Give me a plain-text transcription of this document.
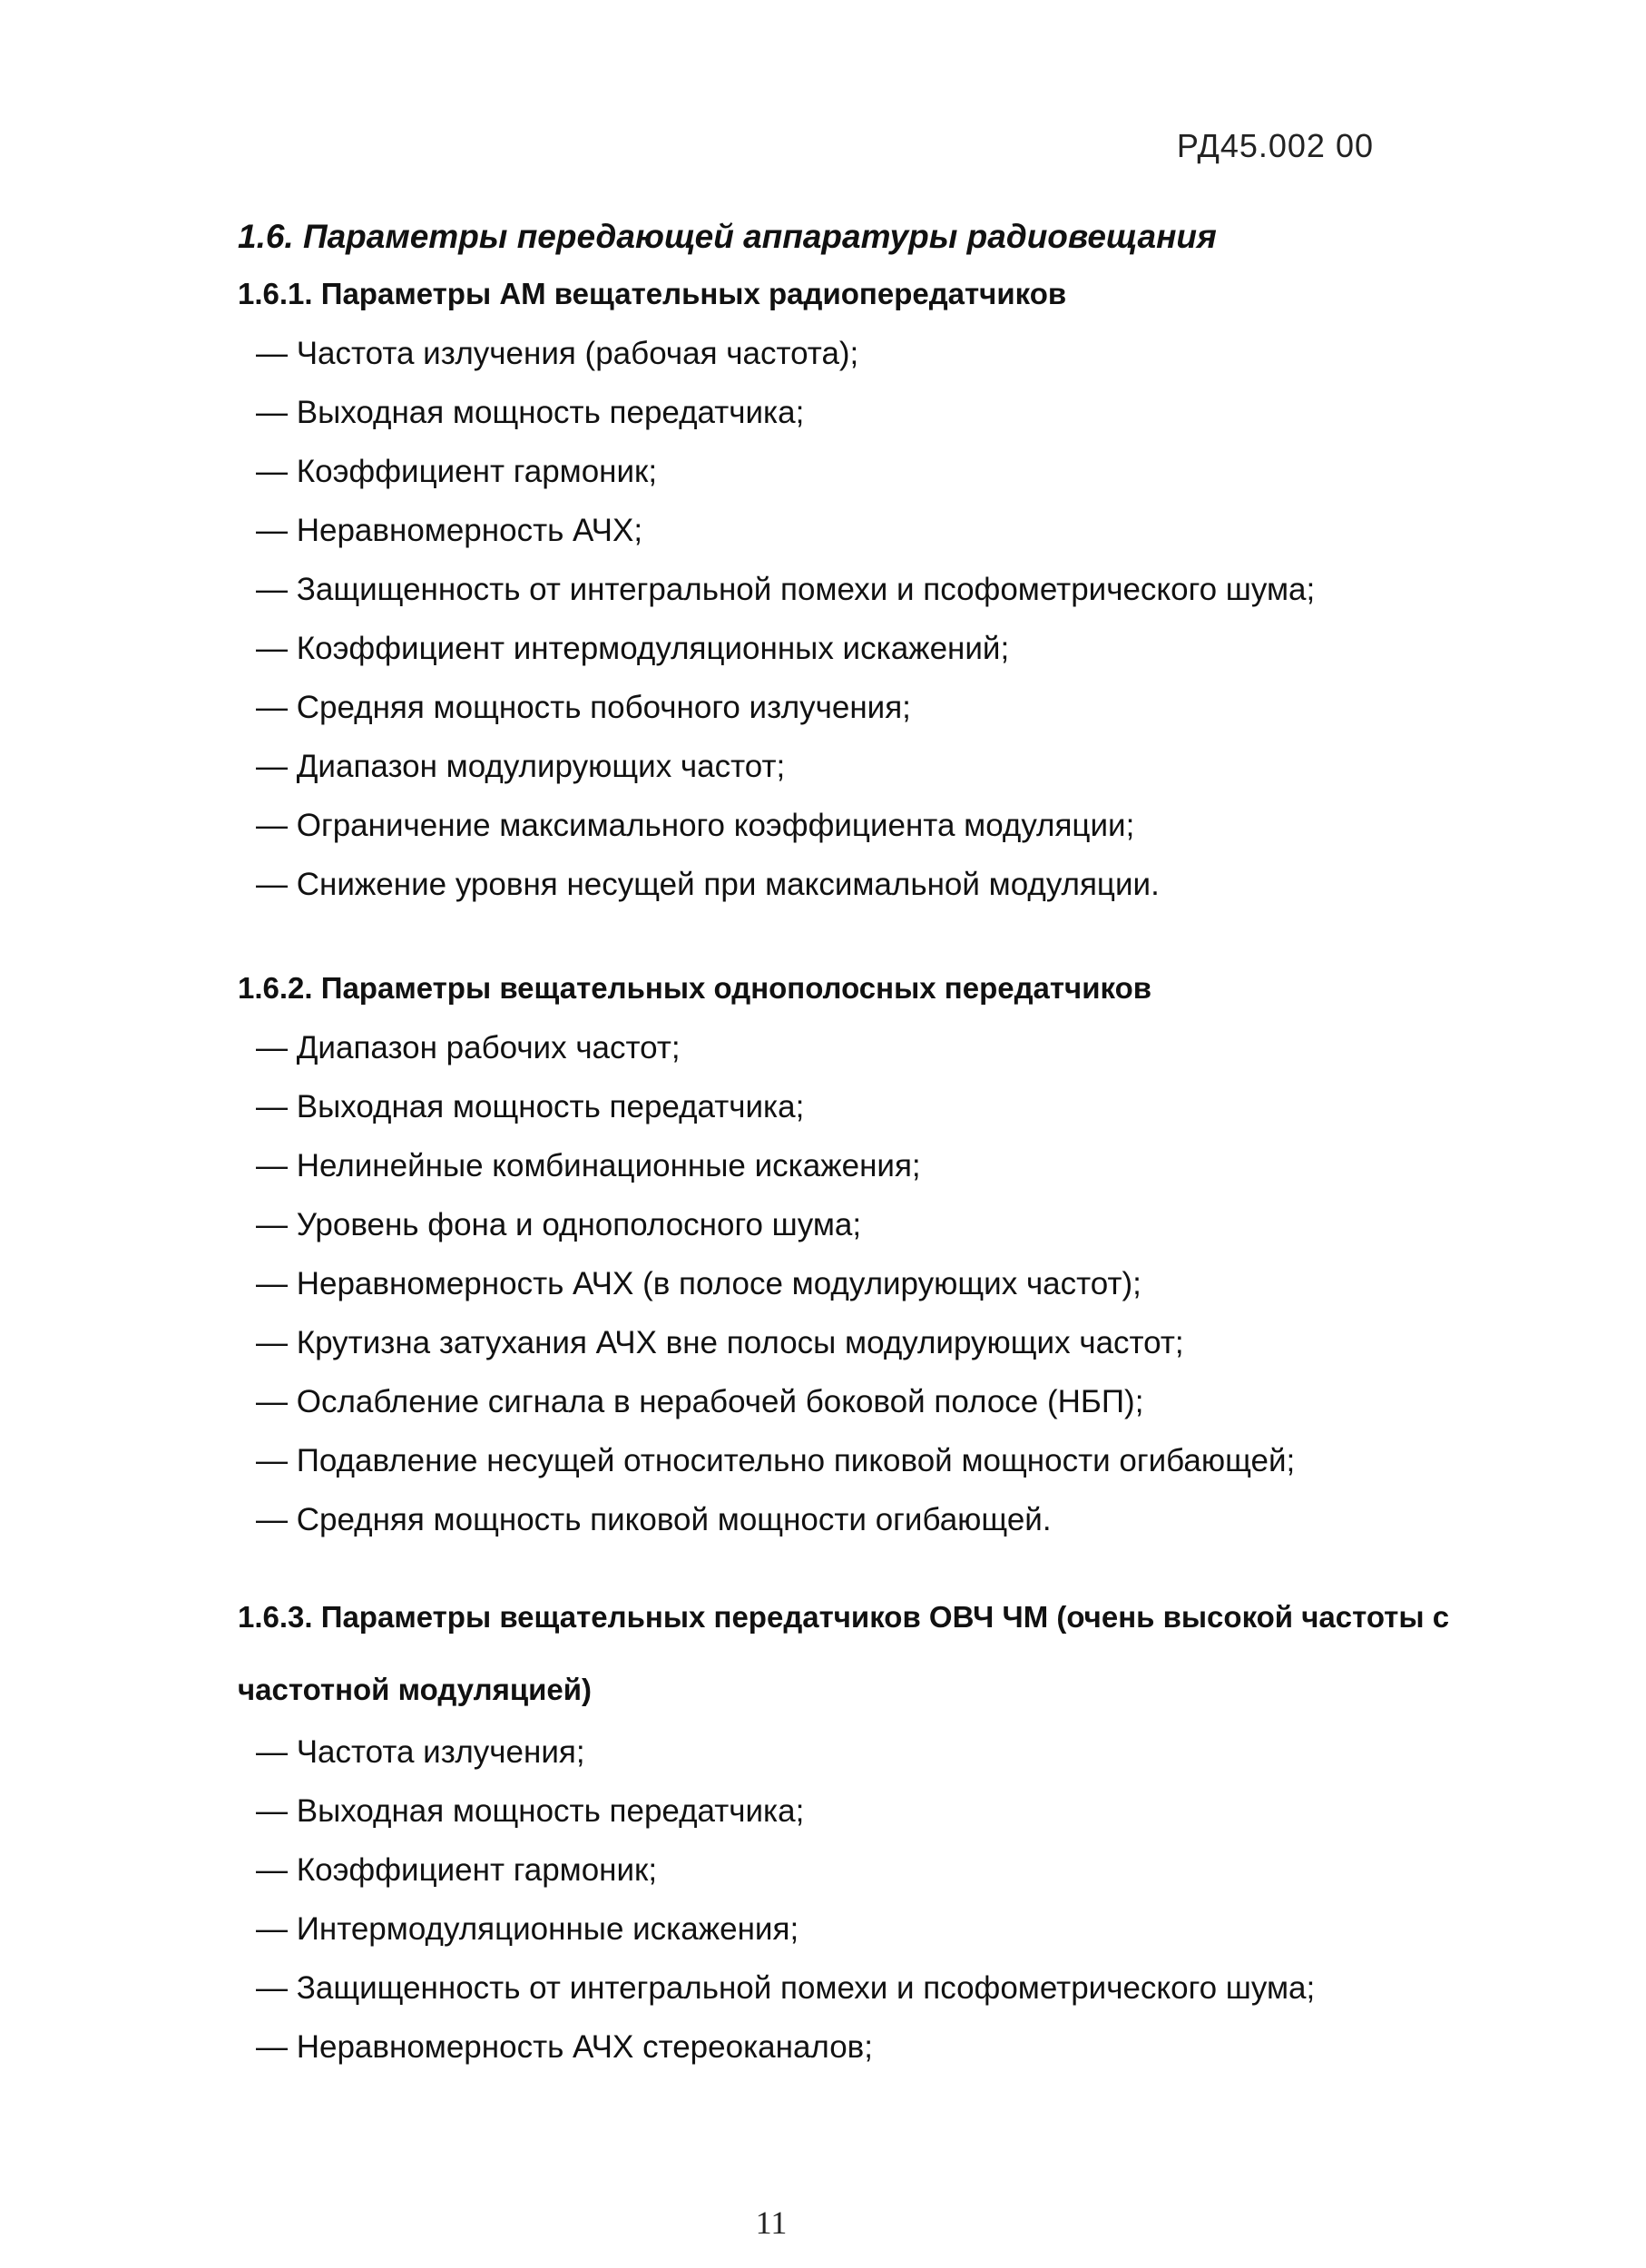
РД45.002 00
1.6. Параметры передающей аппаратуры радиовещания
1.6.1. Параметры АМ вещательных радиопередатчиков
— Частота излучения (рабочая частота);
— Выходная мощность передатчика;
— Коэффициент гармоник;
— Неравномерность АЧХ;
— Защищенность от интегральной помехи и псофометрического шума;
— Коэффициент интермодуляционных искажений;
— Средняя мощность побочного излучения;
— Диапазон модулирующих частот;
— Ограничение максимального коэффициента модуляции;
— Снижение уровня несущей при максимальной модуляции.
1.6.2. Параметры вещательных однополосных передатчиков
— Диапазон рабочих частот;
— Выходная мощность передатчика;
— Нелинейные комбинационные искажения;
— Уровень фона и однополосного шума;
— Неравномерность АЧХ (в полосе модулирующих частот);
— Крутизна затухания АЧХ вне полосы модулирующих частот;
— Ослабление сигнала в нерабочей боковой полосе (НБП);
— Подавление несущей относительно пиковой мощности огибающей;
— Средняя мощность пиковой мощности огибающей.
1.6.3. Параметры вещательных передатчиков ОВЧ ЧМ (очень высокой частоты с частотной модуляцией)
— Частота излучения;
— Выходная мощность передатчика;
— Коэффициент гармоник;
— Интермодуляционные искажения;
— Защищенность от интегральной помехи и псофометрического шума;
— Неравномерность АЧХ стереоканалов;
11
